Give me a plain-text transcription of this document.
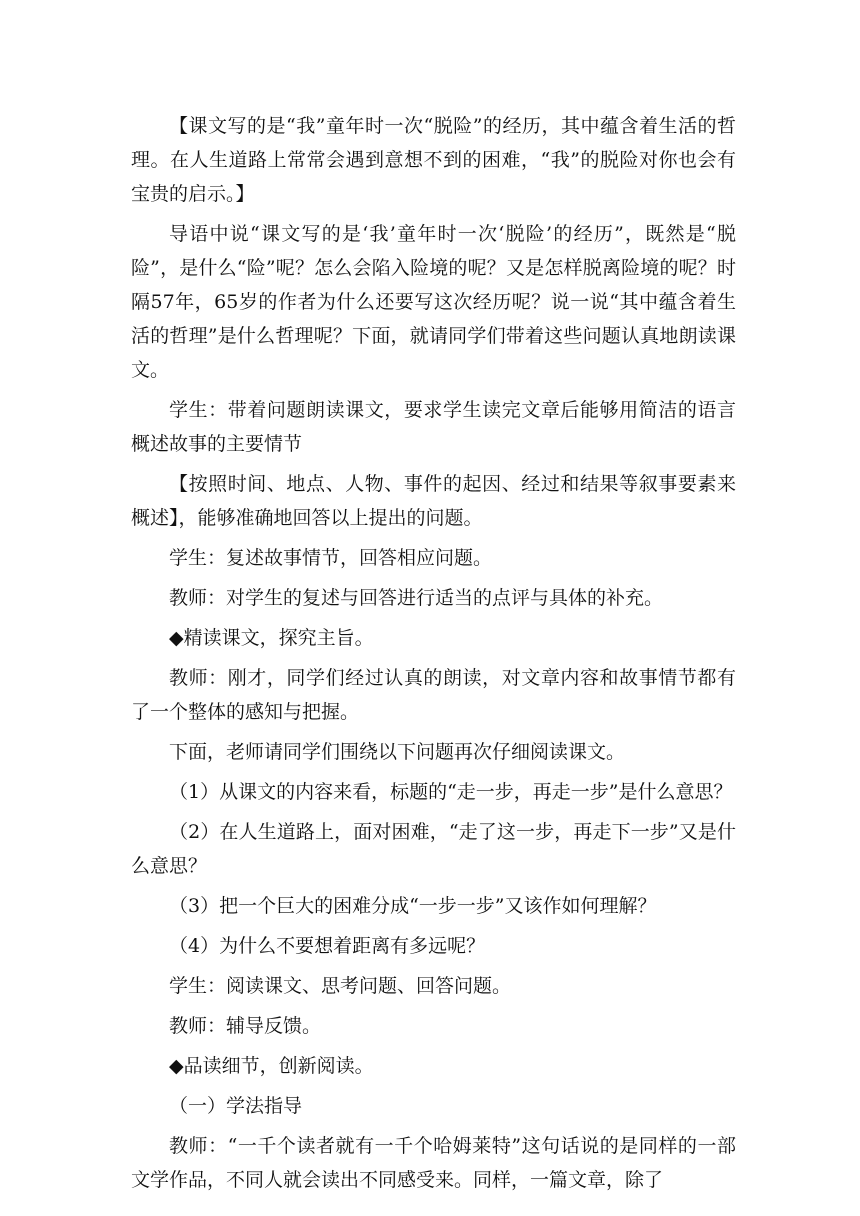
【课文写的是“我”童年时一次“脱险”的经历，其中蕴含着生活的哲理。在人生道路上常常会遇到意想不到的困难，“我”的脱险对你也会有宝贵的启示。】

导语中说“课文写的是‘我’童年时一次‘脱险’的经历”，既然是“脱险”，是什么“险”呢？怎么会陷入险境的呢？又是怎样脱离险境的呢？时隔57年，65岁的作者为什么还要写这次经历呢？说一说“其中蕴含着生活的哲理”是什么哲理呢？下面，就请同学们带着这些问题认真地朗读课文。

学生：带着问题朗读课文，要求学生读完文章后能够用简洁的语言概述故事的主要情节

【按照时间、地点、人物、事件的起因、经过和结果等叙事要素来概述】，能够准确地回答以上提出的问题。

学生：复述故事情节，回答相应问题。

教师：对学生的复述与回答进行适当的点评与具体的补充。

◆精读课文，探究主旨。

教师：刚才，同学们经过认真的朗读，对文章内容和故事情节都有了一个整体的感知与把握。

下面，老师请同学们围绕以下问题再次仔细阅读课文。

（1）从课文的内容来看，标题的“走一步，再走一步”是什么意思？

（2）在人生道路上，面对困难，“走了这一步，再走下一步”又是什么意思？

（3）把一个巨大的困难分成“一步一步”又该作如何理解？

（4）为什么不要想着距离有多远呢？

学生：阅读课文、思考问题、回答问题。

教师：辅导反馈。

◆品读细节，创新阅读。

（一）学法指导

教师：“一千个读者就有一千个哈姆莱特”这句话说的是同样的一部文学作品，不同人就会读出不同感受来。同样，一篇文章，除了
